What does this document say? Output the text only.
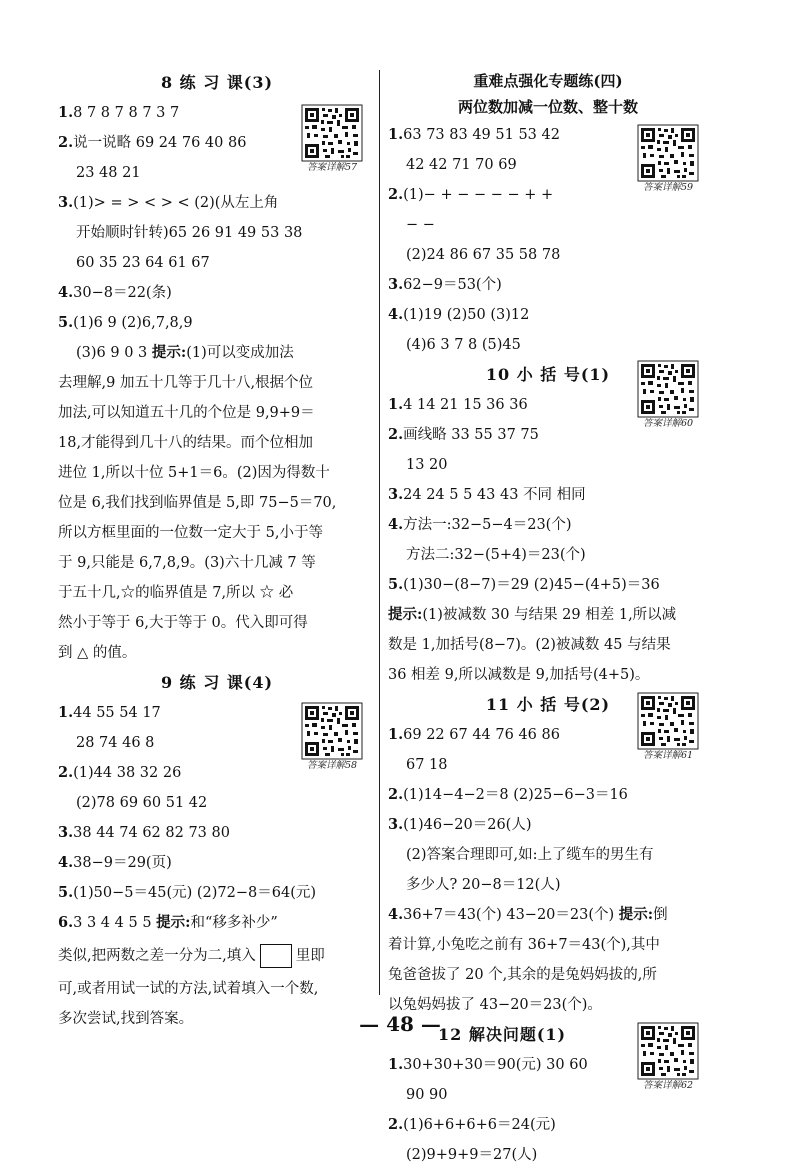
8 练 习 课(3)
答案详解57
1.8 7 8 7 8 7 3 7
2.说一说略 69 24 76 40 86
23 48 21
3.(1)> = > < > < (2)(从左上角
开始顺时针转)65 26 91 49 53 38
60 35 23 64 61 67
4.30−8＝22(条)
5.(1)6 9 (2)6,7,8,9
(3)6 9 0 3 提示:(1)可以变成加法
去理解,9 加五十几等于几十八,根据个位
加法,可以知道五十几的个位是 9,9+9＝
18,才能得到几十八的结果。而个位相加
进位 1,所以十位 5+1＝6。(2)因为得数十
位是 6,我们找到临界值是 5,即 75−5＝70,
所以方框里面的一位数一定大于 5,小于等
于 9,只能是 6,7,8,9。(3)六十几减 7 等
于五十几,☆的临界值是 7,所以 ☆ 必
然小于等于 6,大于等于 0。代入即可得
到 △ 的值。
9 练 习 课(4)
答案详解58
1.44 55 54 17
28 74 46 8
2.(1)44 38 32 26
(2)78 69 60 51 42
3.38 44 74 62 82 73 80
4.38−9＝29(页)
5.(1)50−5＝45(元) (2)72−8＝64(元)
6.3 3 4 4 5 5 提示:和“移多补少”
类似,把两数之差一分为二,填入	里即
可,或者用试一试的方法,试着填入一个数,
多次尝试,找到答案。
重难点强化专题练(四)
两位数加减一位数、整十数
答案详解59
1.63 73 83 49 51 53 42
42 42 71 70 69
2.(1)− + − − − − + +
− −
(2)24 86 67 35 58 78
3.62−9＝53(个)
4.(1)19 (2)50 (3)12
(4)6 3 7 8 (5)45
10 小 括 号(1)
答案详解60
1.4 14 21 15 36 36
2.画线略 33 55 37 75
13 20
3.24 24 5 5 43 43 不同 相同
4.方法一:32−5−4＝23(个)
方法二:32−(5+4)＝23(个)
5.(1)30−(8−7)＝29 (2)45−(4+5)＝36
提示:(1)被减数 30 与结果 29 相差 1,所以减
数是 1,加括号(8−7)。(2)被减数 45 与结果
36 相差 9,所以减数是 9,加括号(4+5)。
11 小 括 号(2)
答案详解61
1.69 22 67 44 76 46 86
67 18
2.(1)14−4−2＝8 (2)25−6−3＝16
3.(1)46−20＝26(人)
(2)答案合理即可,如:上了缆车的男生有
多少人? 20−8＝12(人)
4.36+7＝43(个) 43−20＝23(个) 提示:倒
着计算,小兔吃之前有 36+7＝43(个),其中
兔爸爸拔了 20 个,其余的是兔妈妈拔的,所
以兔妈妈拔了 43−20＝23(个)。
12 解决问题(1)
答案详解62
1.30+30+30＝90(元) 30 60
90 90
2.(1)6+6+6+6＝24(元)
(2)9+9+9＝27(人)
— 48 —
